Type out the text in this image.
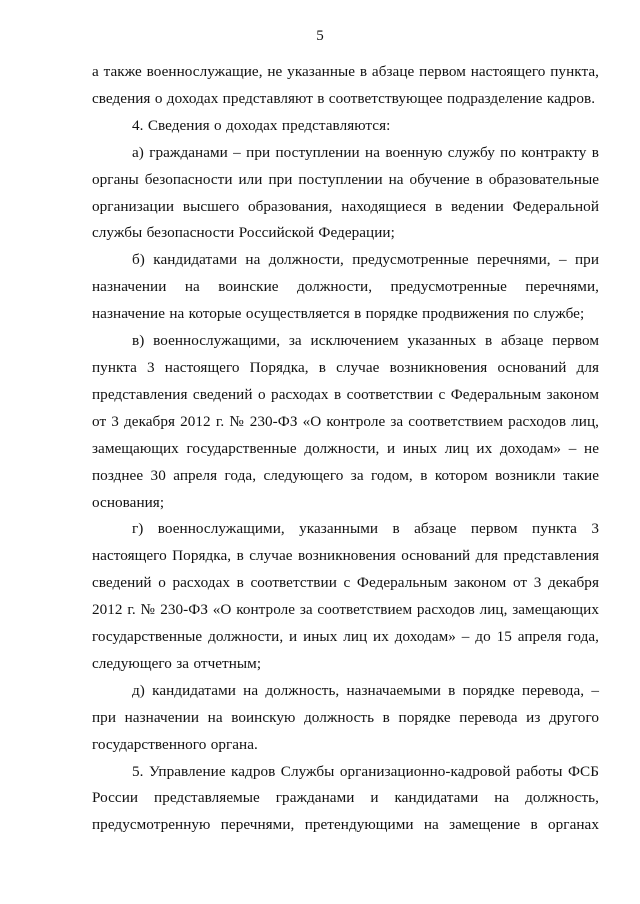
5

а также военнослужащие, не указанные в абзаце первом настоящего пункта, сведения о доходах представляют в соответствующее подразделение кадров.

4. Сведения о доходах представляются:

а) гражданами – при поступлении на военную службу по контракту в органы безопасности или при поступлении на обучение в образовательные организации высшего образования, находящиеся в ведении Федеральной службы безопасности Российской Федерации;

б) кандидатами на должности, предусмотренные перечнями, – при назначении на воинские должности, предусмотренные перечнями, назначение на которые осуществляется в порядке продвижения по службе;

в) военнослужащими, за исключением указанных в абзаце первом пункта 3 настоящего Порядка, в случае возникновения оснований для представления сведений о расходах в соответствии с Федеральным законом от 3 декабря 2012 г. № 230-ФЗ «О контроле за соответствием расходов лиц, замещающих государственные должности, и иных лиц их доходам» – не позднее 30 апреля года, следующего за годом, в котором возникли такие основания;

г) военнослужащими, указанными в абзаце первом пункта 3 настоящего Порядка, в случае возникновения оснований для представления сведений о расходах в соответствии с Федеральным законом от 3 декабря 2012 г. № 230-ФЗ «О контроле за соответствием расходов лиц, замещающих государственные должности, и иных лиц их доходам» – до 15 апреля года, следующего за отчетным;

д) кандидатами на должность, назначаемыми в порядке перевода, – при назначении на воинскую должность в порядке перевода из другого государственного органа.

5. Управление кадров Службы организационно-кадровой работы ФСБ России представляемые гражданами и кандидатами на должность, предусмотренную перечнями, претендующими на замещение в органах
